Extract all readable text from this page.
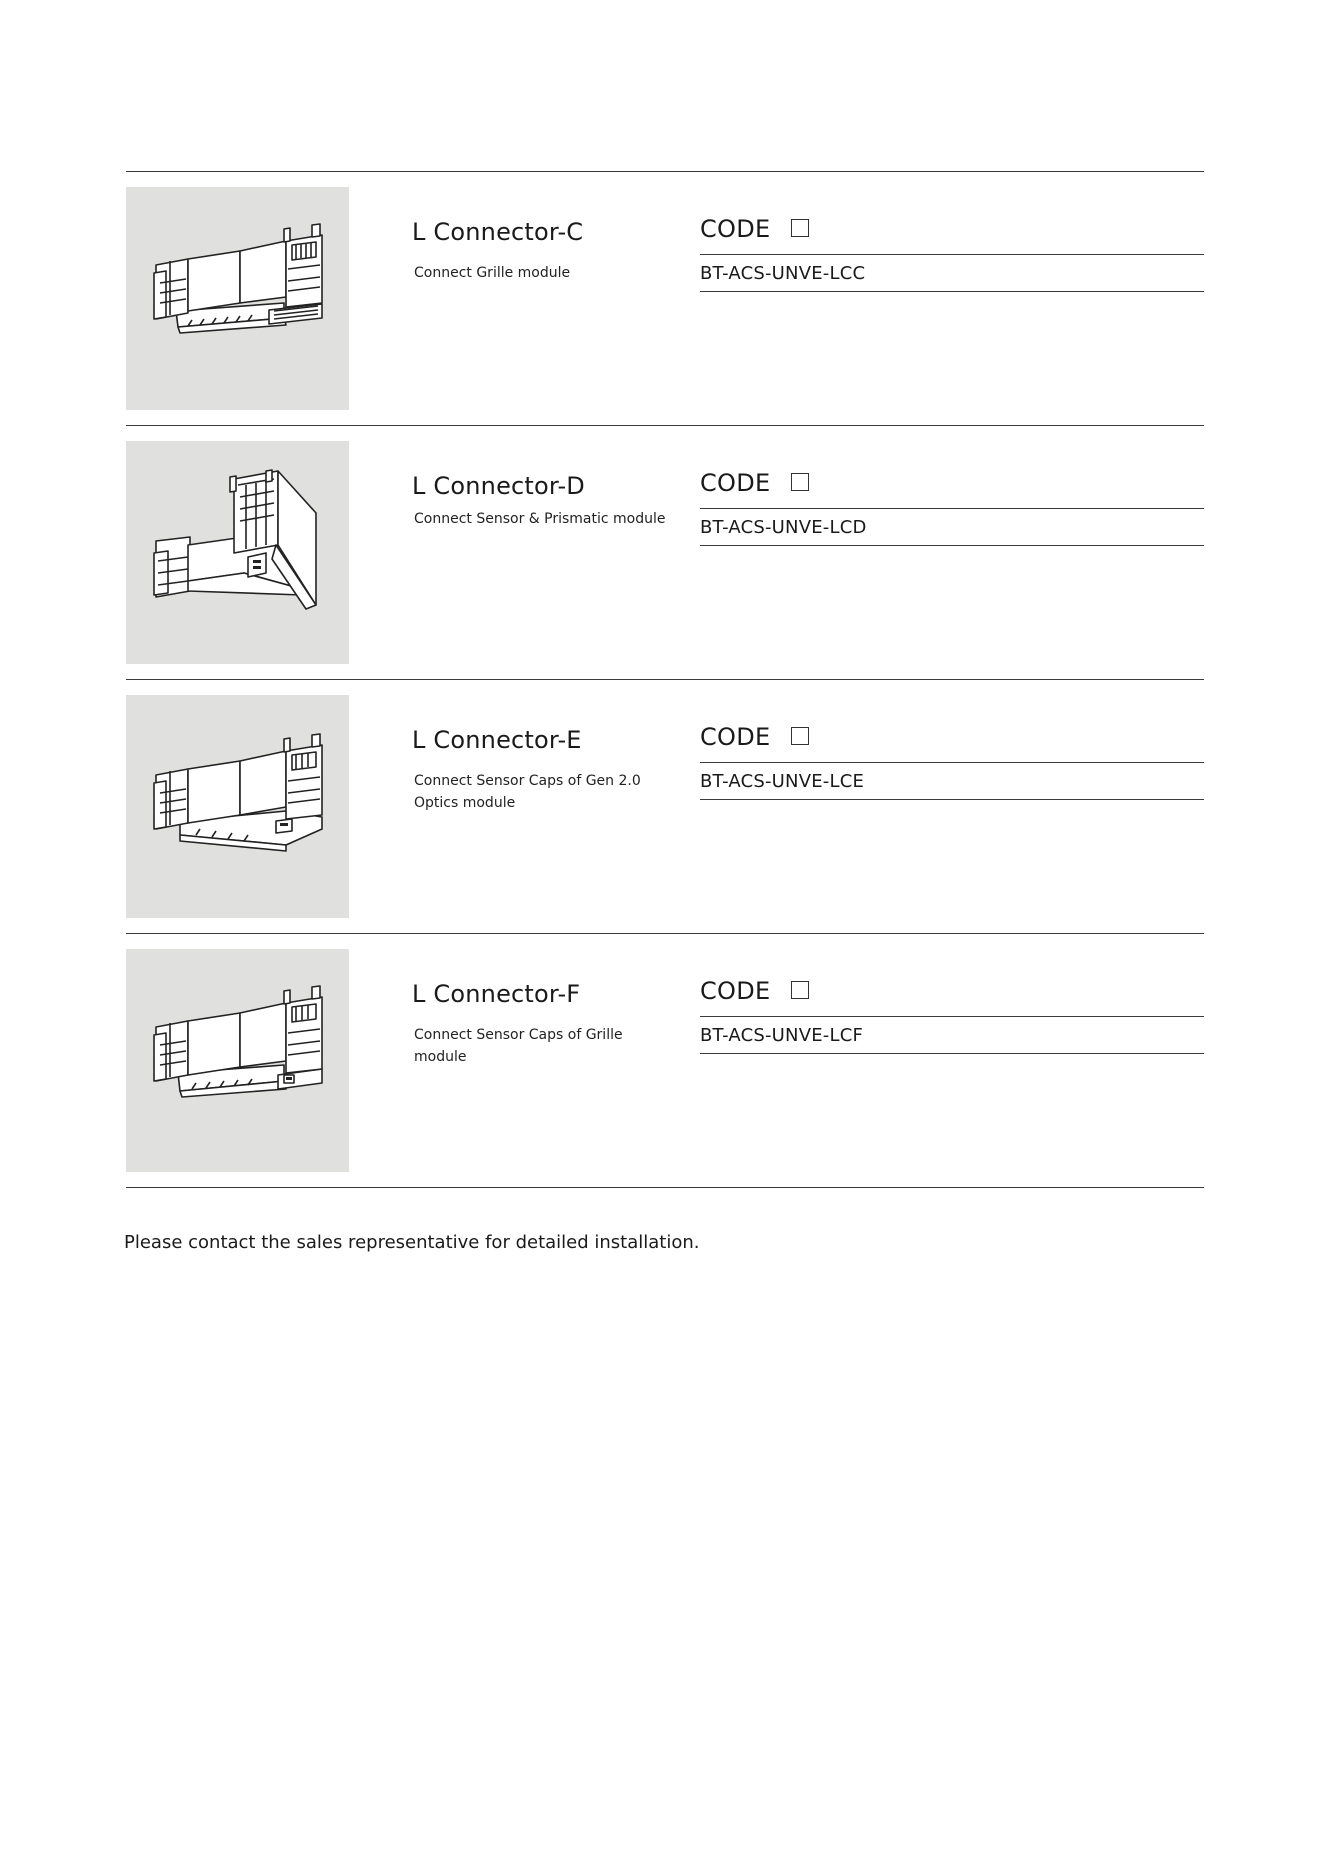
L Connector-C
Connect Grille module
CODE
BT-ACS-UNVE-LCC
L Connector-D
Connect Sensor & Prismatic module
CODE
BT-ACS-UNVE-LCD
L Connector-E
Connect Sensor Caps of Gen 2.0
Optics module
CODE
BT-ACS-UNVE-LCE
L Connector-F
Connect Sensor Caps of Grille module
CODE
BT-ACS-UNVE-LCF
Please contact the sales representative for detailed installation.
